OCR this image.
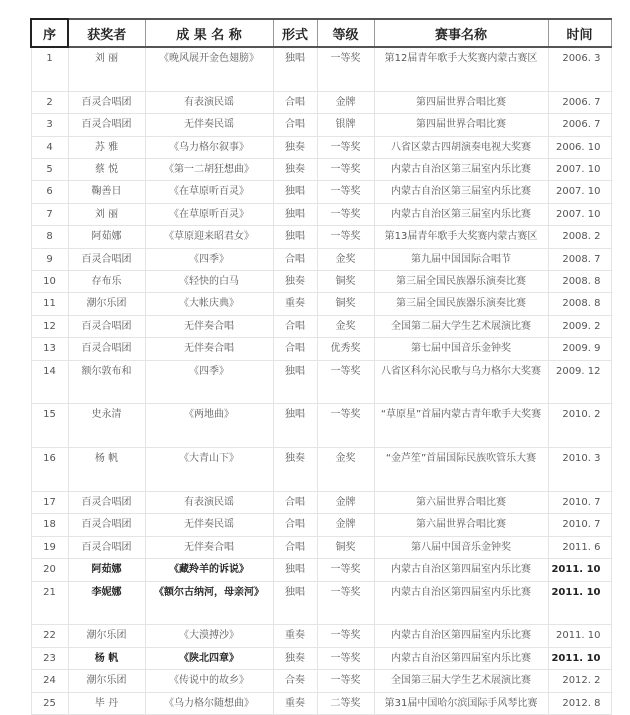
序	获奖者	成 果 名 称	形式	等级	赛事名称	时间
1	刘 丽	《晚风展开金色翅膀》	独唱	一等奖	第12届青年歌手大奖赛内蒙古赛区	2006. 3
2	百灵合唱团	有表演民谣	合唱	金牌	第四届世界合唱比赛	2006. 7
3	百灵合唱团	无伴奏民谣	合唱	银牌	第四届世界合唱比赛	2006. 7
4	苏 雅	《乌力格尔叙事》	独奏	一等奖	八省区蒙古四胡演奏电视大奖赛	2006. 10
5	蔡 悦	《第一二胡狂想曲》	独奏	一等奖	内蒙古自治区第三届室内乐比赛	2007. 10
6	鞠善日	《在草原听百灵》	独唱	一等奖	内蒙古自治区第三届室内乐比赛	2007. 10
7	刘 丽	《在草原听百灵》	独唱	一等奖	内蒙古自治区第三届室内乐比赛	2007. 10
8	阿茹娜	《草原迎来昭君女》	独唱	一等奖	第13届青年歌手大奖赛内蒙古赛区	2008. 2
9	百灵合唱团	《四季》	合唱	金奖	第九届中国国际合唱节	2008. 7
10	存布乐	《轻快的白马	独奏	铜奖	第三届全国民族器乐演奏比赛	2008. 8
11	潮尔乐团	《大帐庆典》	重奏	铜奖	第三届全国民族器乐演奏比赛	2008. 8
12	百灵合唱团	无伴奏合唱	合唱	金奖	全国第二届大学生艺术展演比赛	2009. 2
13	百灵合唱团	无伴奏合唱	合唱	优秀奖	第七届中国音乐金钟奖	2009. 9
14	额尔敦布和	《四季》	独唱	一等奖	八省区科尔沁民歌与乌力格尔大奖赛	2009. 12
15	史永清	《两地曲》	独唱	一等奖	“草原星”首届内蒙古青年歌手大奖赛	2010. 2
16	杨 帆	《大青山下》	独奏	金奖	“金芦笙”首届国际民族吹管乐大赛	2010. 3
17	百灵合唱团	有表演民谣	合唱	金牌	第六届世界合唱比赛	2010. 7
18	百灵合唱团	无伴奏民谣	合唱	金牌	第六届世界合唱比赛	2010. 7
19	百灵合唱团	无伴奏合唱	合唱	铜奖	第八届中国音乐金钟奖	2011. 6
20	阿茹娜	《藏羚羊的诉说》	独唱	一等奖	内蒙古自治区第四届室内乐比赛	2011. 10
21	李妮娜	《额尔古纳河，母亲河》	独唱	一等奖	内蒙古自治区第四届室内乐比赛	2011. 10
22	潮尔乐团	《大漠搏沙》	重奏	一等奖	内蒙古自治区第四届室内乐比赛	2011. 10
23	杨 帆	《陕北四章》	独奏	一等奖	内蒙古自治区第四届室内乐比赛	2011. 10
24	潮尔乐团	《传说中的故乡》	合奏	一等奖	全国第三届大学生艺术展演比赛	2012. 2
25	毕 丹	《乌力格尔随想曲》	重奏	二等奖	第31届中国哈尔滨国际手风琴比赛	2012. 8
